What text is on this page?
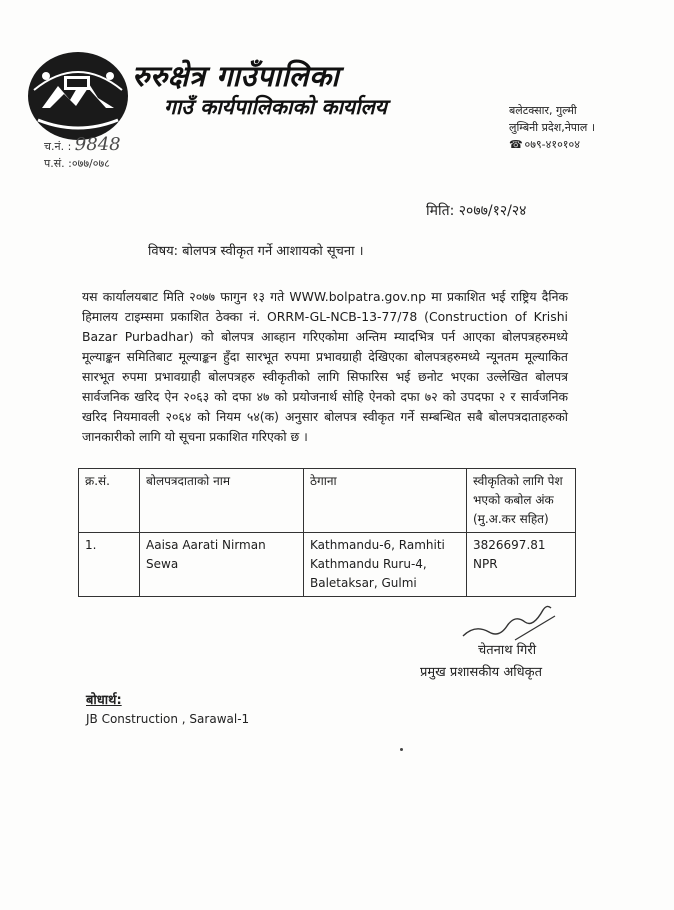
रुरुक्षेत्र गाउँपालिका
गाउँ कार्यपालिकाको कार्यालय	बलेटक्सार, गुल्मी
लुम्बिनी प्रदेश,नेपाल ।
☎ ०७९-४१०१०४
च.नं. : 9848
प.सं. :०७७/०७८
मिति: २०७७/१२/२४
विषय: बोलपत्र स्वीकृत गर्ने आशायको सूचना ।
यस कार्यालयबाट मिति २०७७ फागुन १३ गते WWW.bolpatra.gov.np मा प्रकाशित भई राष्ट्रिय दैनिक हिमालय टाइम्समा प्रकाशित ठेक्का नं. ORRM-GL-NCB-13-77/78 (Construction of Krishi Bazar Purbadhar) को बोलपत्र आब्हान गरिएकोमा अन्तिम म्यादभित्र पर्न आएका बोलपत्रहरुमध्ये मूल्याङ्कन समितिबाट मूल्याङ्कन हुँदा सारभूत रुपमा प्रभावग्राही देखिएका बोलपत्रहरुमध्ये न्यूनतम मूल्याकित सारभूत रुपमा प्रभावग्राही बोलपत्रहरु स्वीकृतीको लागि सिफारिस भई छनोट भएका उल्लेखित बोलपत्र सार्वजनिक खरिद ऐन २०६३ को दफा ४७ को प्रयोजनार्थ सोहि ऐनको दफा ७२ को उपदफा २ र सार्वजनिक खरिद नियमावली २०६४ को नियम ५४(क) अनुसार बोलपत्र स्वीकृत गर्ने सम्बन्धित सबै बोलपत्रदाताहरुको जानकारीको लागि यो सूचना प्रकाशित गरिएको छ ।
क्र.सं.	बोलपत्रदाताको नाम	ठेगाना	स्वीकृतिको लागि पेश भएको कबोल अंक (मु.अ.कर सहित)
1.	Aaisa Aarati Nirman Sewa	Kathmandu-6, Ramhiti Kathmandu Ruru-4, Baletaksar, Gulmi	3826697.81 NPR
चेतनाथ गिरी
प्रमुख प्रशासकीय अधिकृत
बोधार्थ:
JB Construction , Sarawal-1
